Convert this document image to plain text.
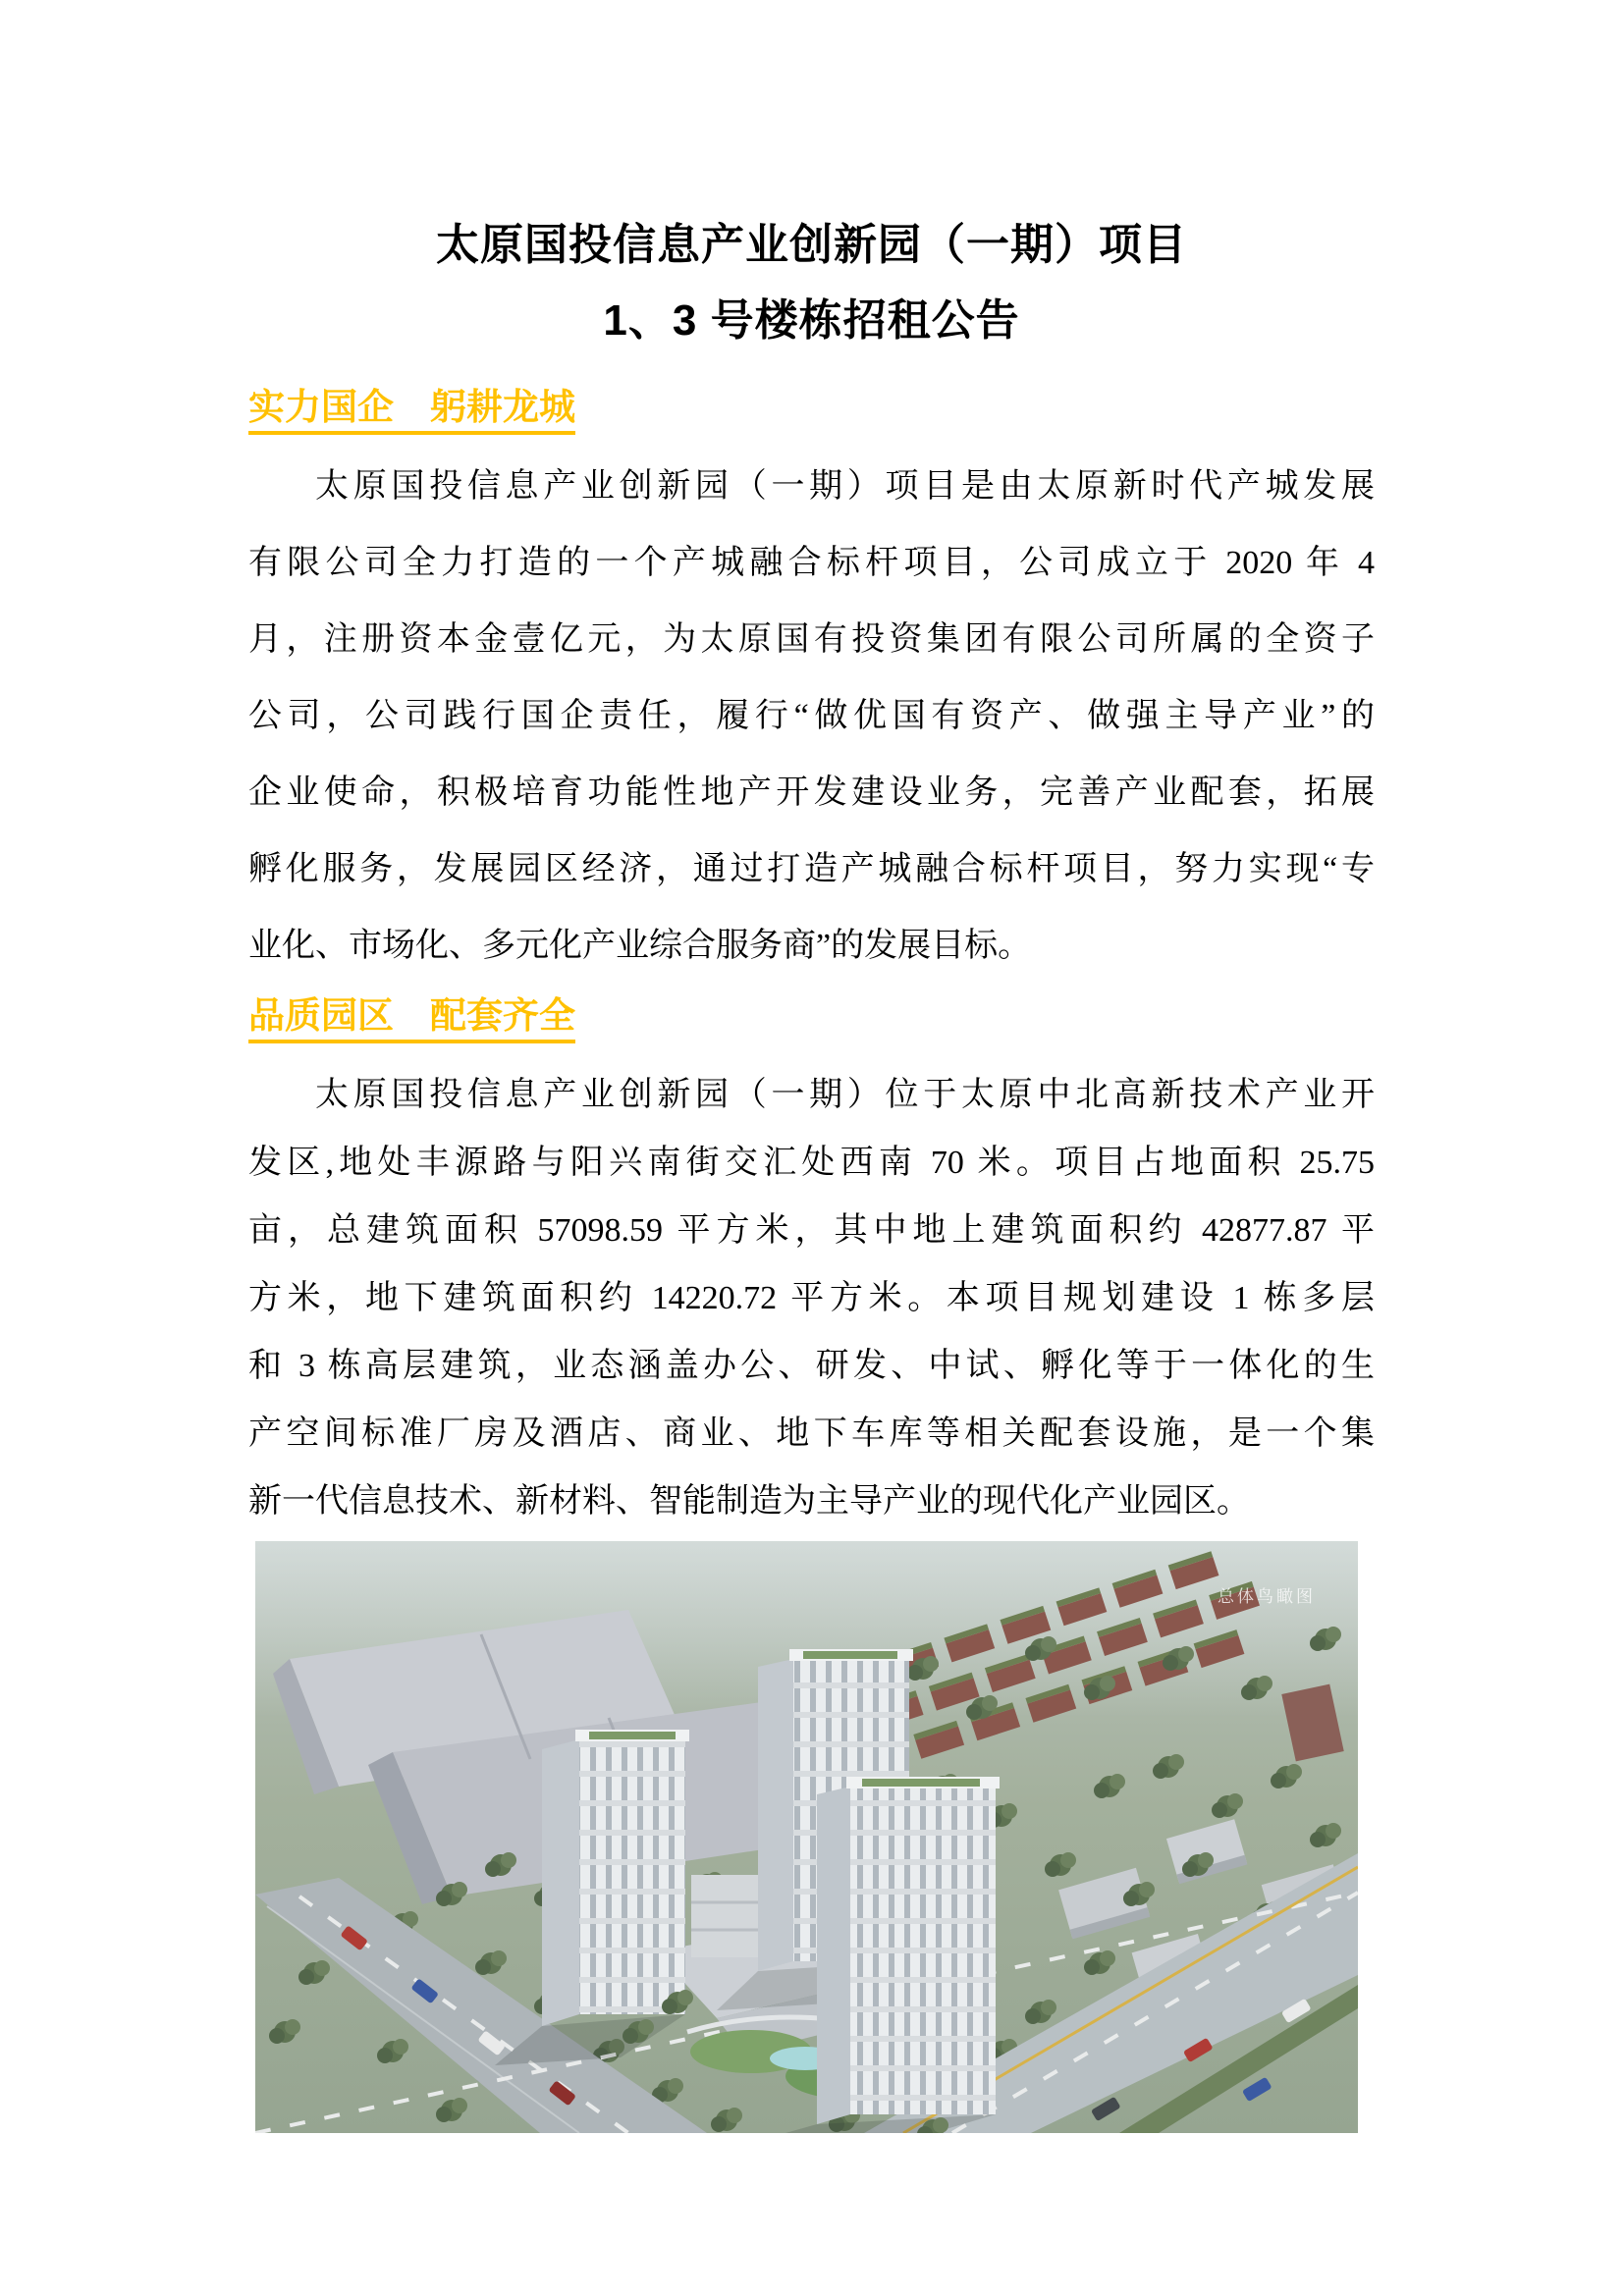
太原国投信息产业创新园（一期）项目
1、3 号楼栋招租公告
实力国企　躬耕龙城
太原国投信息产业创新园（一期）项目是由太原新时代产城发展
有限公司全力打造的一个产城融合标杆项目，公司成立于 2020 年 4
月，注册资本金壹亿元，为太原国有投资集团有限公司所属的全资子
公司，公司践行国企责任，履行“做优国有资产、做强主导产业”的
企业使命，积极培育功能性地产开发建设业务，完善产业配套，拓展
孵化服务，发展园区经济，通过打造产城融合标杆项目，努力实现“专
业化、市场化、多元化产业综合服务商”的发展目标。
品质园区　配套齐全
太原国投信息产业创新园（一期）位于太原中北高新技术产业开
发区,地处丰源路与阳兴南街交汇处西南 70 米。项目占地面积 25.75
亩，总建筑面积 57098.59 平方米，其中地上建筑面积约 42877.87 平
方米，地下建筑面积约 14220.72 平方米。本项目规划建设 1 栋多层
和 3 栋高层建筑，业态涵盖办公、研发、中试、孵化等于一体化的生
产空间标准厂房及酒店、商业、地下车库等相关配套设施，是一个集
新一代信息技术、新材料、智能制造为主导产业的现代化产业园区。
总体鸟瞰图
